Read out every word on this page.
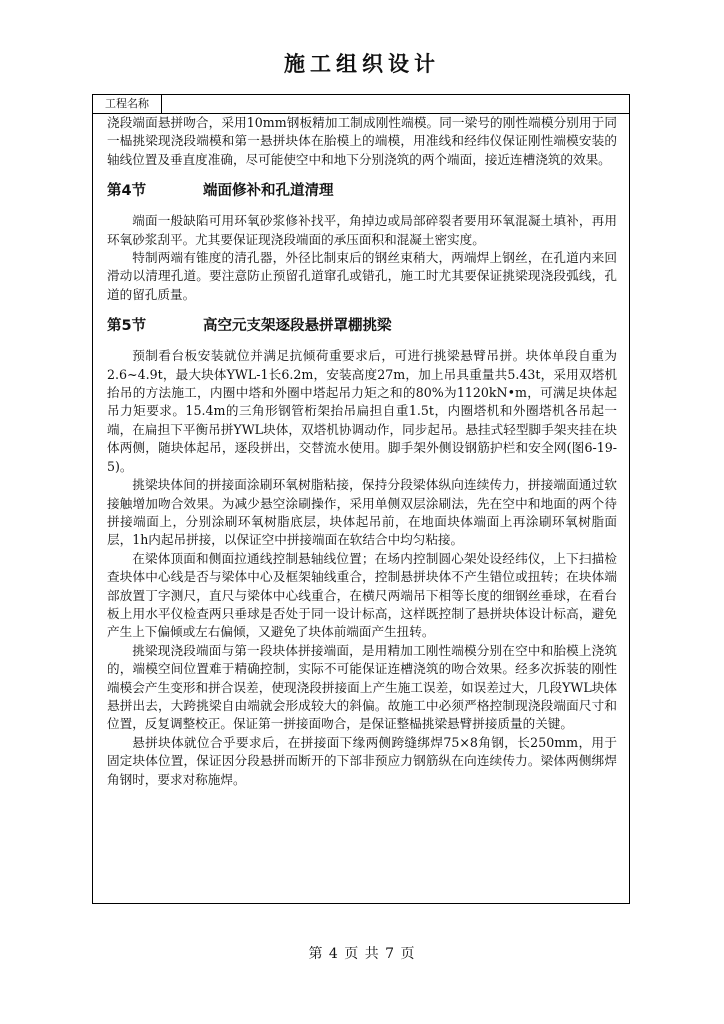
施工组织设计
工程名称

浇段端面悬拼吻合，采用10mm钢板精加工制成刚性端模。同一梁号的刚性端模分别用于同一榀挑梁现浇段端模和第一悬拼块体在胎模上的端模，用准线和经纬仪保证刚性端模安装的轴线位置及垂直度准确，尽可能使空中和地下分别浇筑的两个端面，接近连槽浇筑的效果。

第4节	端面修补和孔道清理

端面一般缺陷可用环氧砂浆修补找平，角掉边或局部碎裂者要用环氧混凝土填补，再用环氧砂浆刮平。尤其要保证现浇段端面的承压面积和混凝土密实度。

特制两端有锥度的清孔器，外径比制束后的钢丝束稍大，两端焊上钢丝，在孔道内来回滑动以清理孔道。要注意防止预留孔道窜孔或错孔，施工时尤其要保证挑梁现浇段弧线，孔道的留孔质量。

第5节	高空元支架逐段悬拼罩棚挑梁

预制看台板安装就位并满足抗倾荷重要求后，可进行挑梁悬臂吊拼。块体单段自重为2.6~4.9t，最大块体YWL-1长6.2m，安装高度27m，加上吊具重量共5.43t，采用双塔机抬吊的方法施工，内圈中塔和外圈中塔起吊力矩之和的80%为1120kN•m，可满足块体起吊力矩要求。15.4m的三角形钢管桁架抬吊扁担自重1.5t，内圈塔机和外圈塔机各吊起一端，在扁担下平衡吊拼YWL块体，双塔机协调动作，同步起吊。悬挂式轻型脚手架夹挂在块体两侧，随块体起吊，逐段拼出，交替流水使用。脚手架外侧设钢筋护栏和安全网(图6-19-5)。

挑梁块体间的拼接面涂刷环氧树脂粘接，保持分段梁体纵向连续传力，拼接端面通过软接触增加吻合效果。为减少悬空涂刷操作，采用单侧双层涂刷法，先在空中和地面的两个待拼接端面上，分别涂刷环氧树脂底层，块体起吊前，在地面块体端面上再涂刷环氧树脂面层，1h内起吊拼接，以保证空中拼接端面在软结合中均匀粘接。

在梁体顶面和侧面拉通线控制悬轴线位置；在场内控制圆心架处设经纬仪，上下扫描检查块体中心线是否与梁体中心及框架轴线重合，控制悬拼块体不产生错位或扭转；在块体端部放置丁字测尺，直尺与梁体中心线重合，在横尺两端吊下相等长度的细钢丝垂球，在看台板上用水平仪检查两只垂球是否处于同一设计标高，这样既控制了悬拼块体设计标高，避免产生上下偏倾或左右偏倾，又避免了块体前端面产生扭转。

挑梁现浇段端面与第一段块体拼接端面，是用精加工刚性端模分别在空中和胎模上浇筑的，端模空间位置难于精确控制，实际不可能保证连槽浇筑的吻合效果。经多次拆装的刚性端模会产生变形和拼合误差，使现浇段拼接面上产生施工误差，如误差过大，几段YWL块体悬拼出去，大跨挑梁自由端就会形成较大的斜偏。故施工中必须严格控制现浇段端面尺寸和位置，反复调整校正。保证第一拼接面吻合，是保证整榀挑梁悬臂拼接质量的关键。

悬拼块体就位合乎要求后，在拼接面下缘两侧跨缝绑焊75×8角钢，长250mm，用于固定块体位置，保证因分段悬拼而断开的下部非预应力钢筋纵在向连续传力。梁体两侧绑焊角钢时，要求对称施焊。

第 4 页 共 7 页
